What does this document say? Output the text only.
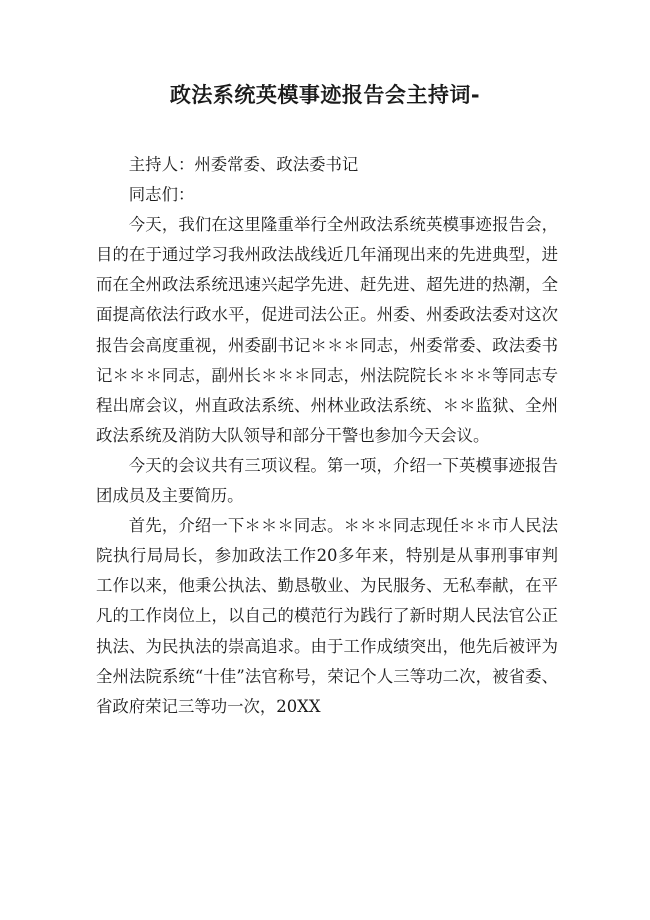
政法系统英模事迹报告会主持词-

主持人：州委常委、政法委书记

同志们：

今天，我们在这里隆重举行全州政法系统英模事迹报告会，目的在于通过学习我州政法战线近几年涌现出来的先进典型，进而在全州政法系统迅速兴起学先进、赶先进、超先进的热潮，全面提高依法行政水平，促进司法公正。州委、州委政法委对这次报告会高度重视，州委副书记＊＊＊同志，州委常委、政法委书记＊＊＊同志，副州长＊＊＊同志，州法院院长＊＊＊等同志专程出席会议，州直政法系统、州林业政法系统、＊＊监狱、全州政法系统及消防大队领导和部分干警也参加今天会议。

今天的会议共有三项议程。第一项，介绍一下英模事迹报告团成员及主要简历。

首先，介绍一下＊＊＊同志。＊＊＊同志现任＊＊市人民法院执行局局长，参加政法工作20多年来，特别是从事刑事审判工作以来，他秉公执法、勤恳敬业、为民服务、无私奉献，在平凡的工作岗位上，以自己的模范行为践行了新时期人民法官公正执法、为民执法的崇高追求。由于工作成绩突出，他先后被评为全州法院系统“十佳”法官称号，荣记个人三等功二次，被省委、省政府荣记三等功一次，20XX
